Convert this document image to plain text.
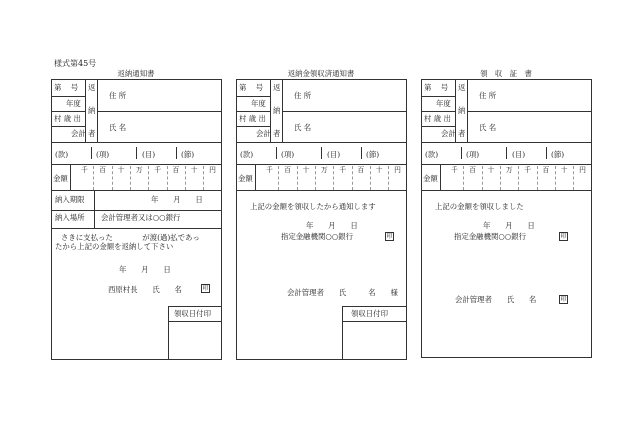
様式第45号
返納通知書
第　号
年度
村 歳 出
会計
返
納
者
住 所
氏 名
(款)	(項)	(目)	(節)
金額
千 百 十 万 千 百 十 円
納入期限	年　　月　　日
納入場所 会計管理者又は○○銀行
さきに支払った　　　　が渡(過)払であっ
たから上記の金額を返納して下さい
年　　月　　日
西原村長　　氏　　名	印
領収日付印
返納金領収済通知書
第　号
年度
村 歳 出
会計
返
納
者
住 所
氏 名
(款)	(項)	(目)	(節)
金額
千 百 十 万 千 百 十 円
上記の金額を領収したから通知します
年　　月　　日
指定金融機関○○銀行	印
会計管理者　　氏　　　名　　様
領収日付印
領　収　証　書
第　号
年度
村 歳 出
会計
返
納
者
住 所
氏 名
(款)	(項)	(目)	(節)
金額
千 百 十 万 千 百 十 円
上記の金額を領収しました
年　　月　　日
指定金融機関○○銀行	印
会計管理者　　氏　　名	印
